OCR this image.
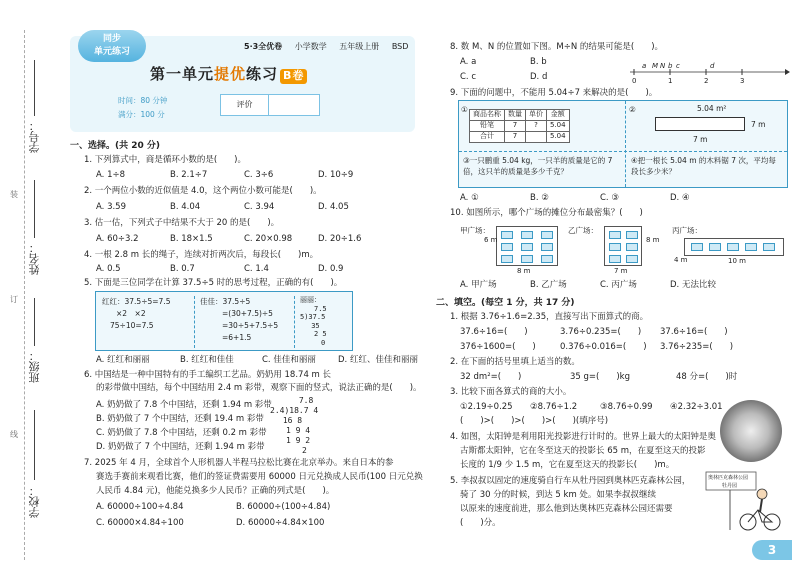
装
订
线
学号：
姓名：
班级：
学校：
同步
单元练习
5·3全优卷 小学数学 五年级上册 BSD
第一单元提优练习 B卷
时间：80 分钟
满分：100 分
评价
一、选择。(共 20 分)
1. 下列算式中，商是循环小数的是(　　)。
A. 1÷8	B. 2.1÷7	C. 3÷6	D. 10÷9
2. 一个两位小数的近似值是 4.0，这个两位小数可能是(　　)。
A. 3.59	B. 4.04	C. 3.94	D. 4.05
3. 估一估，下列式子中结果不大于 20 的是(　　)。
A. 60÷3.2	B. 18×1.5	C. 20×0.98	D. 20÷1.6
4. 一根 2.8 m 长的绳子，连续对折两次后，每段长(　　)m。
A. 0.5	B. 0.7	C. 1.4	D. 0.9
5. 下面是三位同学在计算 37.5÷5 时的思考过程，正确的有(　　)。
红红：37.5÷5=7.5
×2　×2
75÷10=7.5
佳佳：37.5÷5
=(30+7.5)÷5
=30÷5+7.5÷5
=6+1.5
丽丽：
　　7.5
5)37.5
　 35
　　2 5
　　　0
A. 红红和丽丽	B. 红红和佳佳	C. 佳佳和丽丽	D. 红红、佳佳和丽丽
6. 中国结是一种中国特有的手工编织工艺品。奶奶用 18.74 m 长
的彩带做中国结，每个中国结用 2.4 m 彩带，观察下面的竖式，说法正确的是(　　)。
A. 奶奶做了 7.8 个中国结，还剩 1.94 m 彩带
B. 奶奶做了 7 个中国结，还剩 19.4 m 彩带
C. 奶奶做了 7.8 个中国结，还剩 0.2 m 彩带
D. 奶奶做了 7 个中国结，还剩 1.94 m 彩带
　　　 7.8
2.4)18.7 4
　 16 8
　　1 9 4
　　1 9 2
　　　　2
7. 2025 年 4 月，全球首个人形机器人半程马拉松比赛在北京举办。来自日本的参
赛选手赛前来观看比赛，他们的签证费需要用 60000 日元兑换成人民币(100 日元兑换
人民币 4.84 元)，他能兑换多少人民币？正确的列式是(　　)。
A. 60000÷100÷4.84	B. 60000÷(100÷4.84)
C. 60000×4.84÷100	D. 60000÷4.84×100
8. 数 M、N 的位置如下图。M÷N 的结果可能是(　　)。
A. a	B. b
C. c	D. d	0
a M N b c
1
d
2	3
9. 下面的问题中，不能用 5.04÷7 来解决的是(　　)。
①
商品名称	数量	单价	金额
铅笔	7	?	5.04
合计	7		5.04
②	5.04 m²
7 m
7 m
③一只鹏重 5.04 kg，一只羊的质量是它的 7 倍，这只羊的质量是多少千克？
④把一根长 5.04 m 的木料锯 7 次，平均每段长多少米？
A. ①	B. ②	C. ③	D. ④
10. 如图所示，哪个广场的摊位分布最密集？(　　)
甲广场：
8 m
6 m
乙广场：
8 m
7 m
丙广场：
10 m
4 m
A. 甲广场	B. 乙广场	C. 丙广场	D. 无法比较
二、填空。(每空 1 分，共 17 分)
1. 根据 3.76÷1.6=2.35，直接写出下面算式的商。
37.6÷16=(　　)	3.76÷0.235=(　　) 37.6÷16=(　　)
376÷1600=(　　)	0.376÷0.016=(　　) 3.76÷235=(　　)
2. 在下面的括号里填上适当的数。
32 dm²=(　　)	35 g=(　　)kg	48 分=(　　)时
3. 比较下面各算式的商的大小。
①2.19÷0.25 ②8.76÷1.2	③8.76÷0.99 ④2.32÷3.01
(　　)>(　　)>(　　)>(　　)(填序号)
4. 如图，太阳钟是利用阳光投影进行计时的。世界上最大的太阳钟是奥
古斯都太阳钟，它在冬至这天的投影长 65 m，在夏至这天的投影
长度的 1/9 少 1.5 m，它在夏至这天的投影长(　　)m。
5. 李叔叔以固定的速度骑自行车从牡丹园到奥林匹克森林公园，
骑了 30 分的时候，到达 5 km 处。如果李叔叔继续
以原来的速度前进，那么他到达奥林匹克森林公园还需要
(　　)分。
奥林匹克森林公园
牡丹园
3
